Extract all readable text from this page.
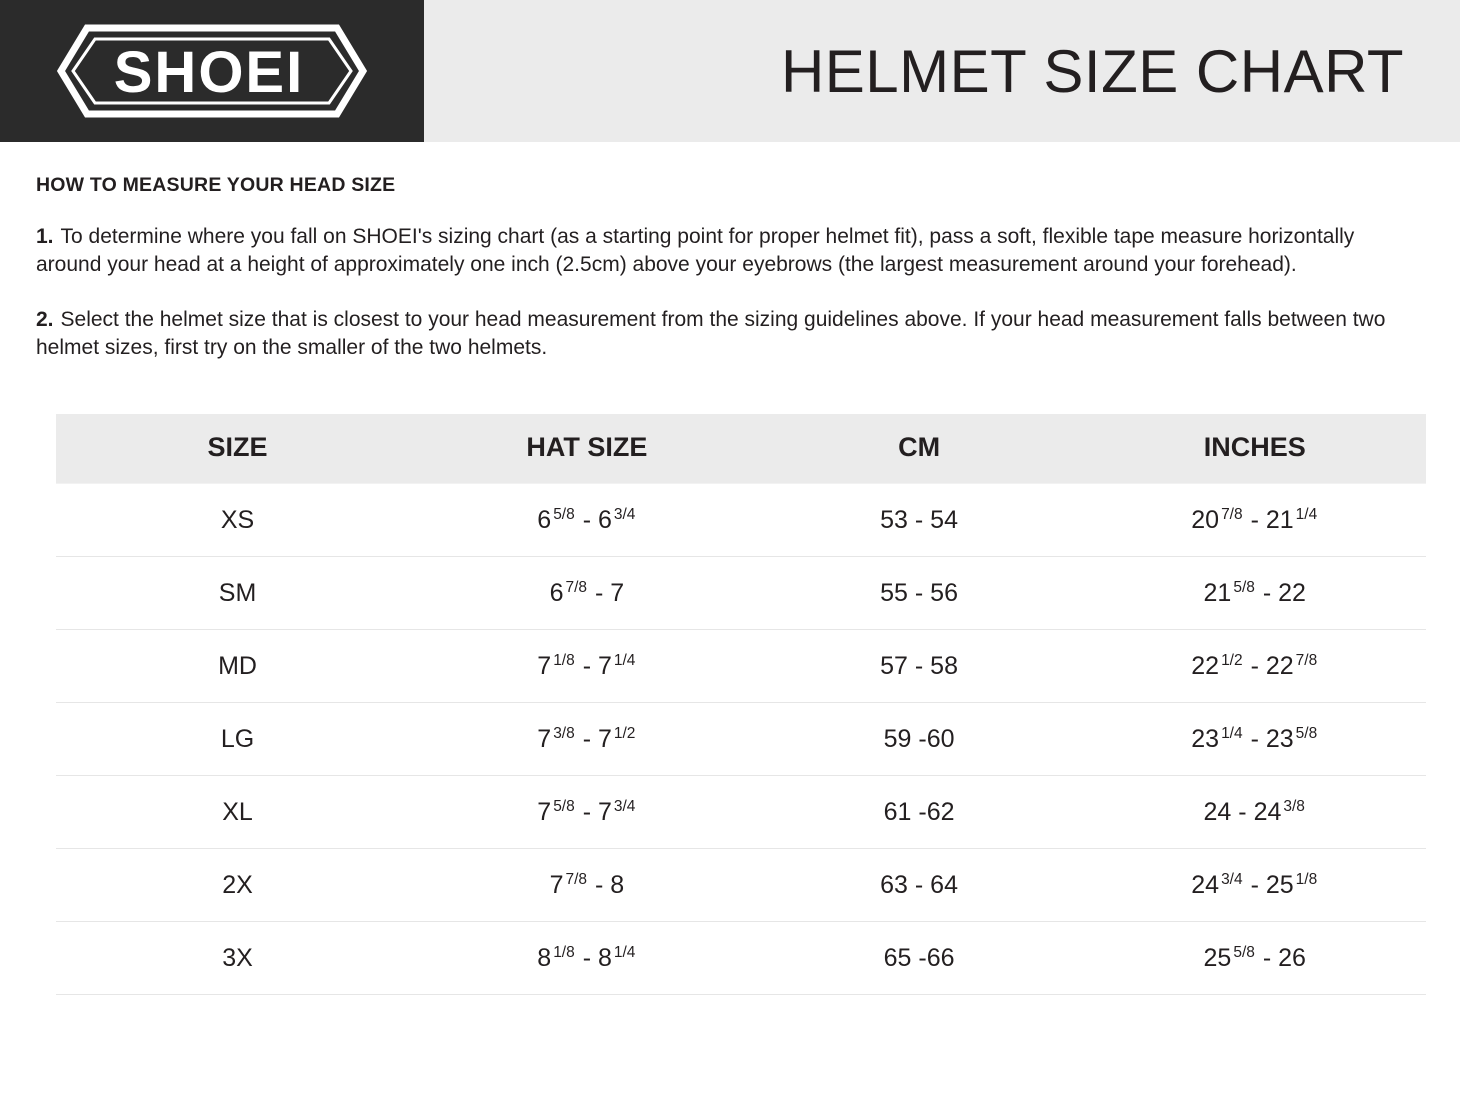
SHOEI	HELMET SIZE CHART
HOW TO MEASURE YOUR HEAD SIZE

1. To determine where you fall on SHOEI's sizing chart (as a starting point for proper helmet fit), pass a soft, flexible tape measure horizontally around your head at a height of approximately one inch (2.5cm) above your eyebrows (the largest measurement around your forehead).

2. Select the helmet size that is closest to your head measurement from the sizing guidelines above. If your head measurement falls between two helmet sizes, first try on the smaller of the two helmets.

SIZE	HAT SIZE	CM	INCHES
XS	6 $^{5/8}$ - 6 $^{3/4}$	53 - 54	20 $^{7/8}$ - 21 $^{1/4}$
SM	6 $^{7/8}$ - 7	55 - 56	21 $^{5/8}$ - 22
MD	7 $^{1/8}$ - 7 $^{1/4}$	57 - 58	22 $^{1/2}$ - 22 $^{7/8}$
LG	7 $^{3/8}$ - 7 $^{1/2}$	59 -60	23 $^{1/4}$ - 23 $^{5/8}$
XL	7 $^{5/8}$ - 7 $^{3/4}$	61 -62	24 - 24 $^{3/8}$
2X	7 $^{7/8}$ - 8	63 - 64	24 $^{3/4}$ - 25 $^{1/8}$
3X	8 $^{1/8}$ - 8 $^{1/4}$	65 -66	25 $^{5/8}$ - 26
